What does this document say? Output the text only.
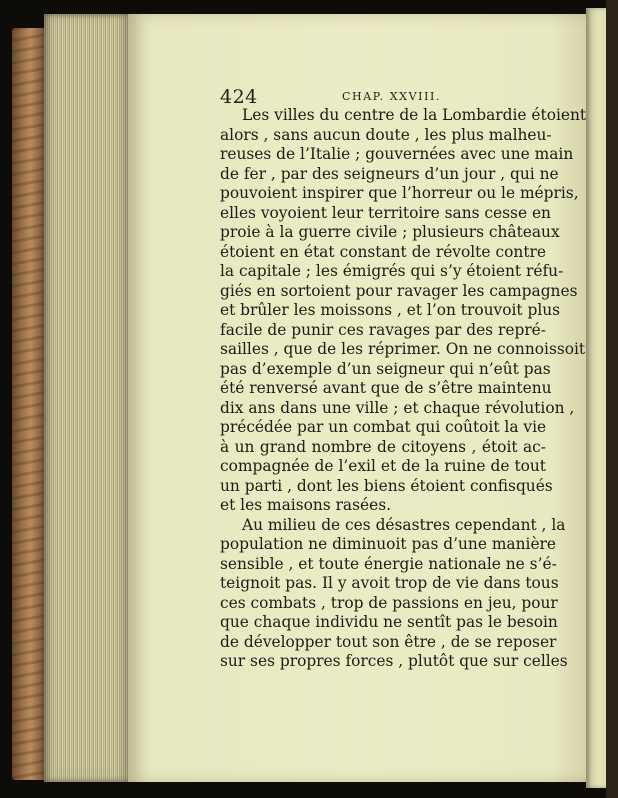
424	CHAP. XXVIII.
Les villes du centre de la Lombardie étoient
alors , sans aucun doute , les plus malheu-
reuses de l’Italie ; gouvernées avec une main
de fer , par des seigneurs d’un jour , qui ne
pouvoient inspirer que l’horreur ou le mépris,
elles voyoient leur territoire sans cesse en
proie à la guerre civile ; plusieurs châteaux
étoient en état constant de révolte contre
la capitale ; les émigrés qui s’y étoient réfu-
giés en sortoient pour ravager les campagnes
et brûler les moissons , et l’on trouvoit plus
facile de punir ces ravages par des repré-
sailles , que de les réprimer. On ne connoissoit
pas d’exemple d’un seigneur qui n’eût pas
été renversé avant que de s’être maintenu
dix ans dans une ville ; et chaque révolution ,
précédée par un combat qui coûtoit la vie
à un grand nombre de citoyens , étoit ac-
compagnée de l’exil et de la ruine de tout
un parti , dont les biens étoient confisqués
et les maisons rasées.
Au milieu de ces désastres cependant , la
population ne diminuoit pas d’une manière
sensible , et toute énergie nationale ne s’é-
teignoit pas. Il y avoit trop de vie dans tous
ces combats , trop de passions en jeu, pour
que chaque individu ne sentît pas le besoin
de développer tout son être , de se reposer
sur ses propres forces , plutôt que sur celles
